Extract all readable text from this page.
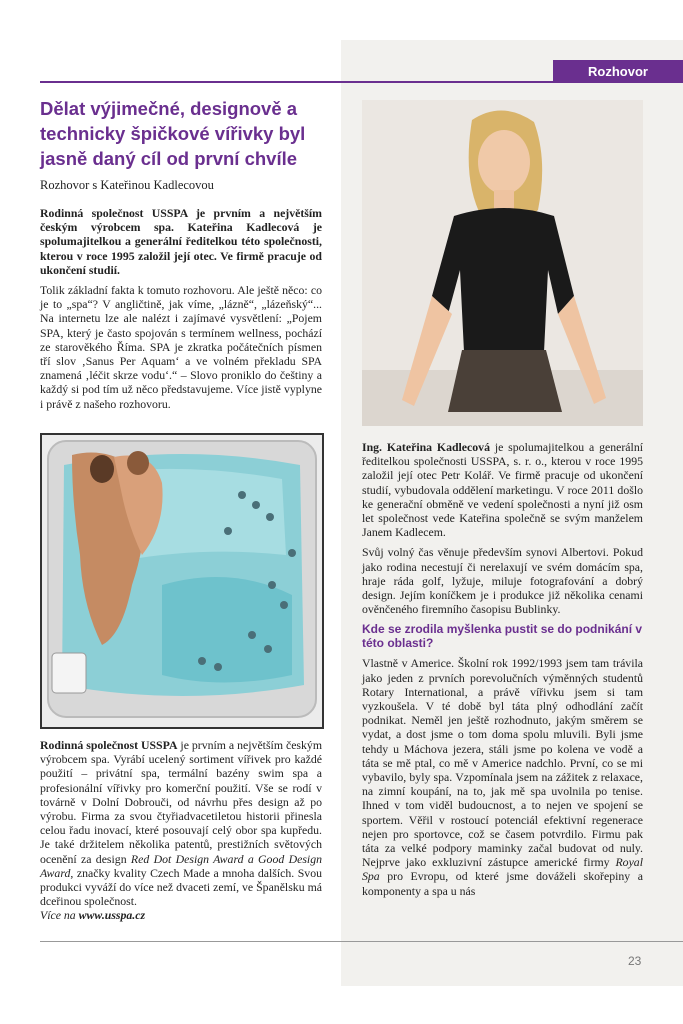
Rozhovor
Dělat výjimečné, designově a technicky špičkové vířivky byl jasně daný cíl od první chvíle

Rozhovor s Kateřinou Kadlecovou

Rodinná společnost USSPA je prvním a největším českým výrobcem spa. Kateřina Kadlecová je spolumajitelkou a generální ředitelkou této společnosti, kterou v roce 1995 založil její otec. Ve firmě pracuje od ukončení studií.

Tolik základní fakta k tomuto rozhovoru. Ale ještě něco: co je to „spa“? V angličtině, jak víme, „lázně“, „lázeňský“... Na internetu lze ale nalézt i zajímavé vysvětlení: „Pojem SPA, který je často spojován s termínem wellness, pochází ze starověkého Říma. SPA je zkratka počátečních písmen tří slov ‚Sanus Per Aquam‘ a ve volném překladu SPA znamená ‚léčit skrze vodu‘.“ – Slovo proniklo do češtiny a každý si pod tím už něco představujeme. Více jistě vyplyne i právě z našeho rozhovoru.

Rodinná společnost USSPA je prvním a největším českým výrobcem spa. Vyrábí ucelený sortiment vířivek pro každé použití – privátní spa, termální bazény swim spa a profesionální vířivky pro komerční použití. Vše se rodí v továrně v Dolní Dobrouči, od návrhu přes design až po výrobu. Firma za svou čtyřiadvacetiletou historii přinesla celou řadu inovací, které posouvají celý obor spa kupředu. Je také držitelem několika patentů, prestižních světových ocenění za design Red Dot Design Award a Good Design Award, značky kvality Czech Made a mnoha dalších. Svou produkci vyváží do více než dvaceti zemí, ve Španělsku má dceřinou společnost.

Více na www.usspa.cz

Ing. Kateřina Kadlecová je spolumajitelkou a generální ředitelkou společnosti USSPA, s. r. o., kterou v roce 1995 založil její otec Petr Kolář. Ve firmě pracuje od ukončení studií, vybudovala oddělení marketingu. V roce 2011 došlo ke generační obměně ve vedení společnosti a nyní již osm let společnost vede Kateřina společně se svým manželem Janem Kadlecem.

Svůj volný čas věnuje především synovi Albertovi. Pokud jako rodina necestují či nerelaxují ve svém domácím spa, hraje ráda golf, lyžuje, miluje fotografování a dobrý design. Jejím koníčkem je i produkce již několika cenami ověnčeného firemního časopisu Bublinky.

Kde se zrodila myšlenka pustit se do podnikání v této oblasti?

Vlastně v Americe. Školní rok 1992/1993 jsem tam trávila jako jeden z prvních porevolučních výměnných studentů Rotary International, a právě vířivku jsem si tam vyzkoušela. V té době byl táta plný odhodlání začít podnikat. Neměl jen ještě rozhodnuto, jakým směrem se vydat, a dost jsme o tom doma spolu mluvili. Byli jsme tehdy u Máchova jezera, stáli jsme po kolena ve vodě a táta se mě ptal, co mě v Americe nadchlo. První, co se mi vybavilo, byly spa. Vzpomínala jsem na zážitek z relaxace, na zimní koupání, na to, jak mě spa uvolnila po tenise. Ihned v tom viděl budoucnost, a to nejen ve spojení se sportem. Věřil v rostoucí potenciál efektivní regenerace nejen pro sportovce, což se časem potvrdilo. Firmu pak táta za velké podpory maminky začal budovat od nuly. Nejprve jako exkluzivní zástupce americké firmy Royal Spa pro Evropu, od které jsme dováželi skořepiny a komponenty a spa u nás

23
